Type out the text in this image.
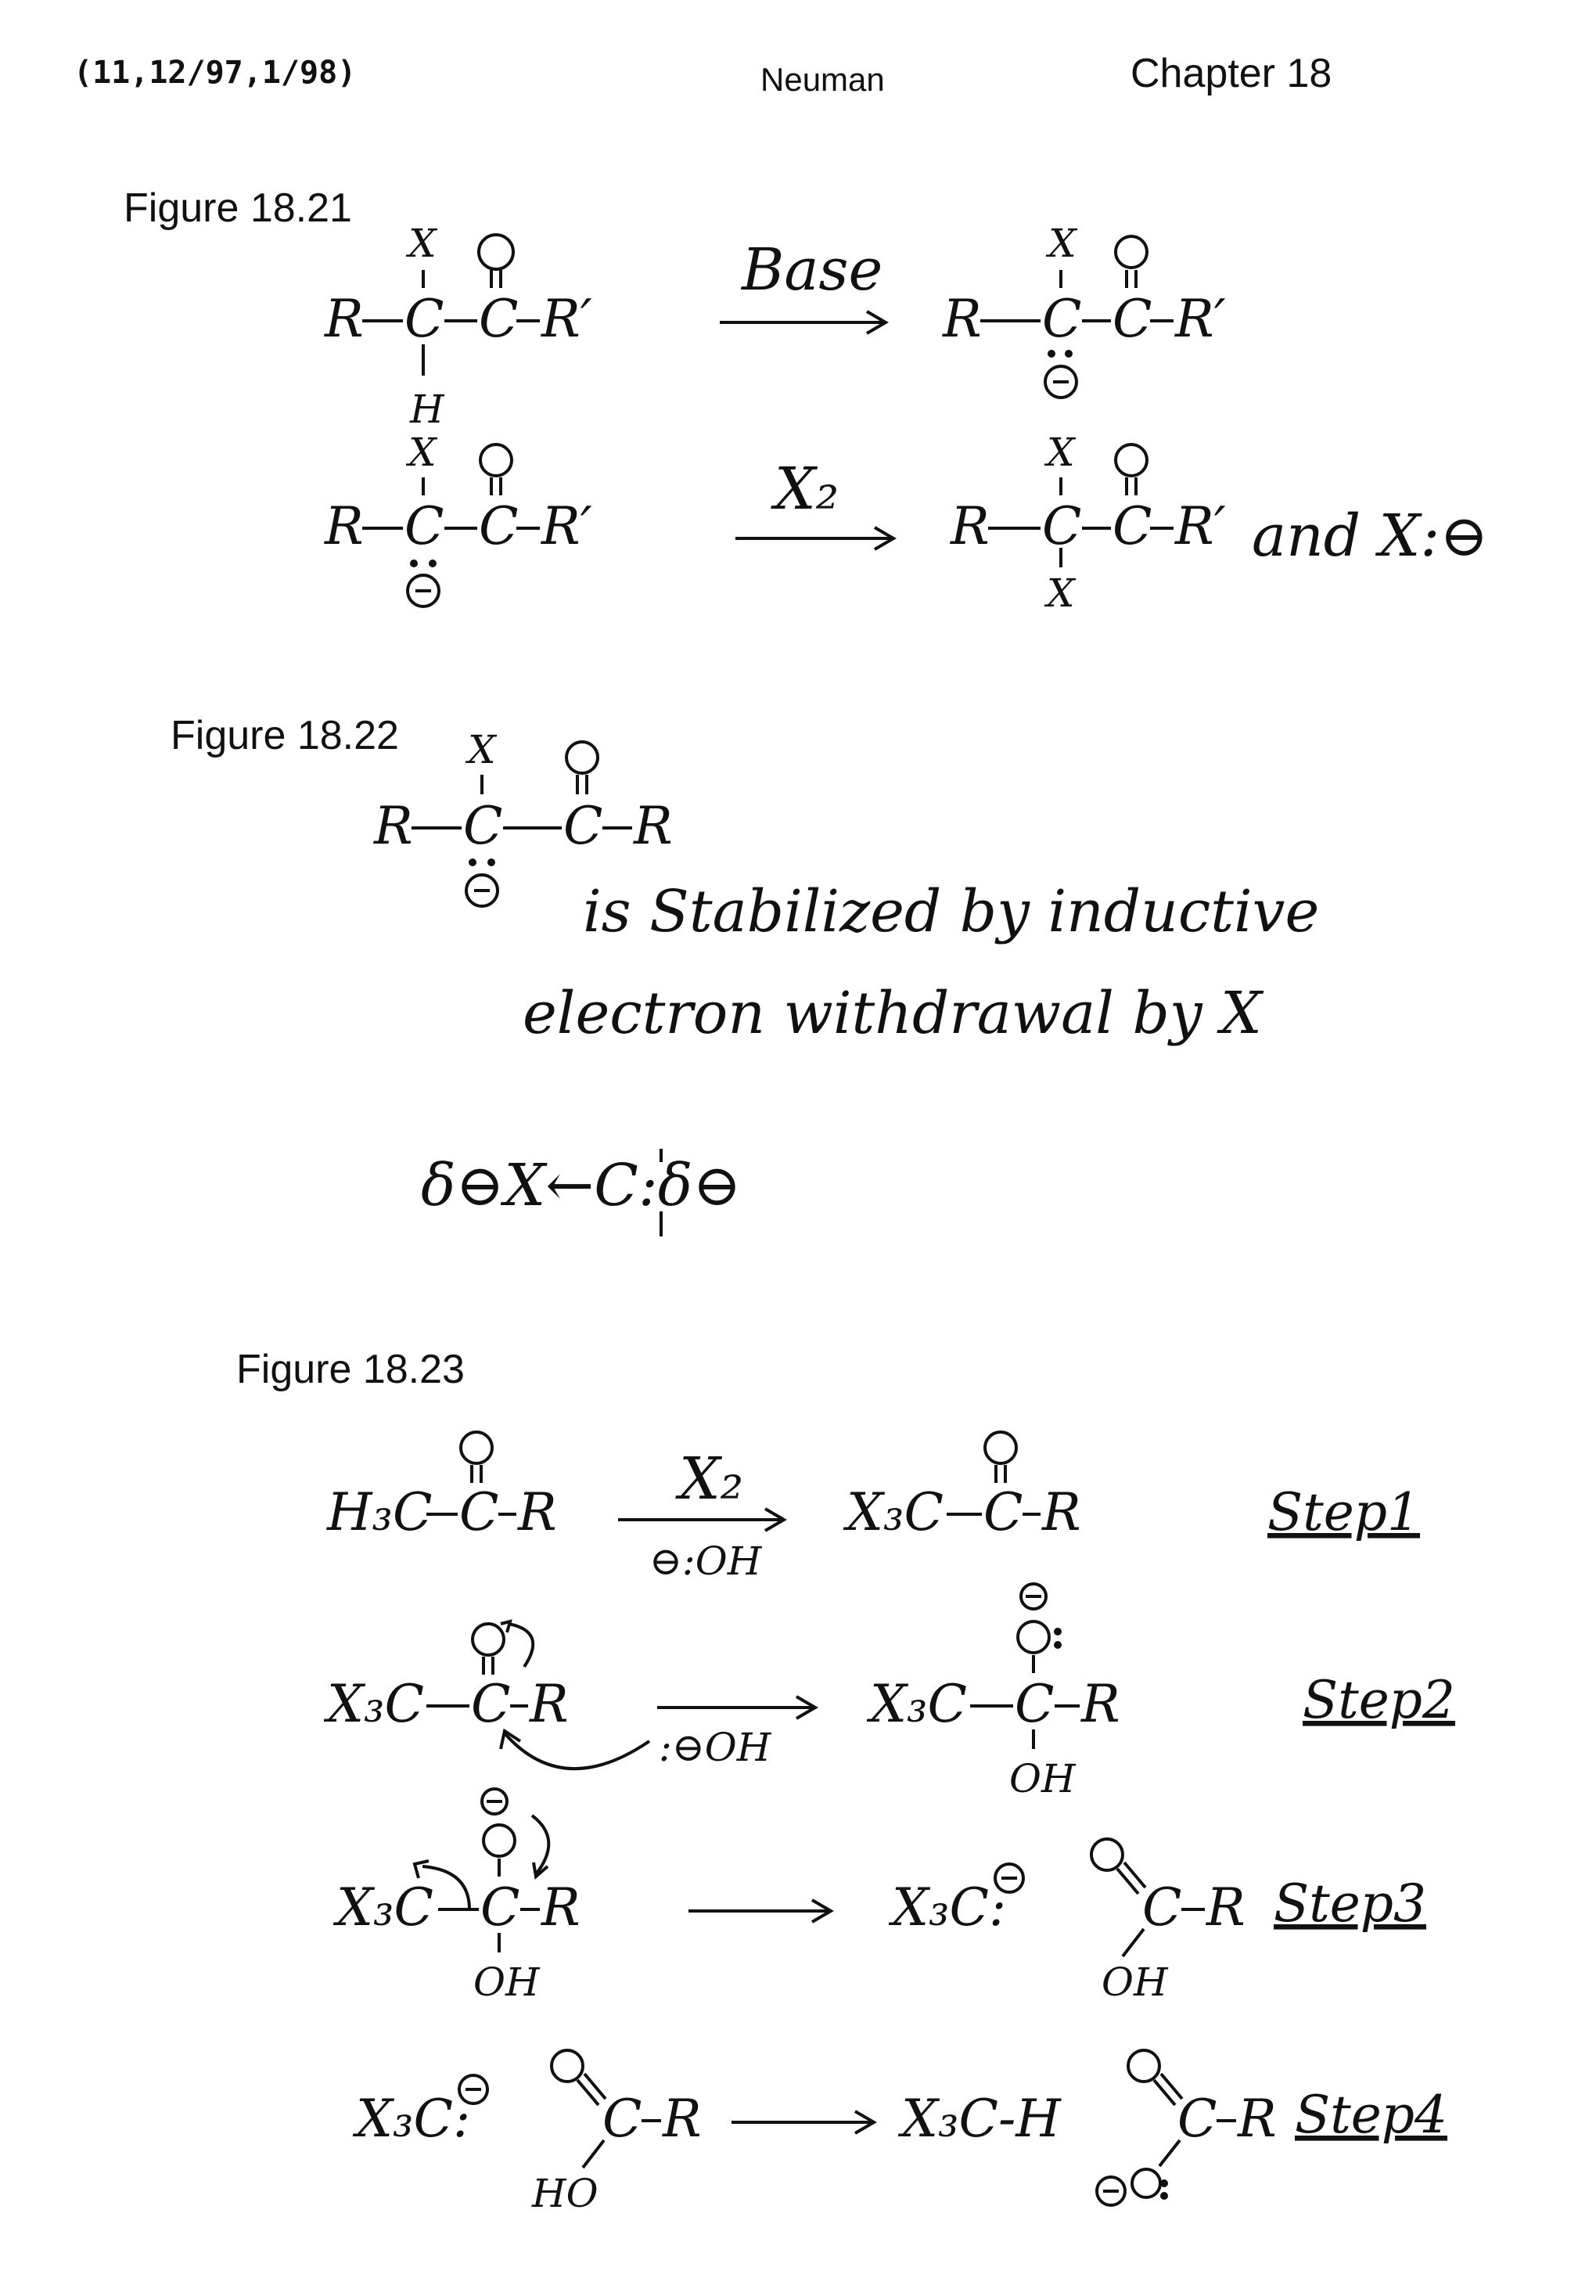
(11,12/97,1/98)	Neuman	Chapter 18
Figure 18.21
Figure 18.22
Figure 18.23
R C
X
H
C R′
Base
R C
X
C R′
R C
X
C R′
X₂
R C
X
X
C R′ and X:⊖
R C
X
C R
is Stabilized by inductive
electron withdrawal by X
δ⊖X←C:δ⊖
H₃C C R X₂
⊖:OH
X₃C C R	Step1
X₃C C R
:⊖OH
X₃C C R
OH
Step2
X₃C C R
OH
X₃C:	C R
OH
Step3
X₃C:	C R
HO
X₃C-H C R Step4
